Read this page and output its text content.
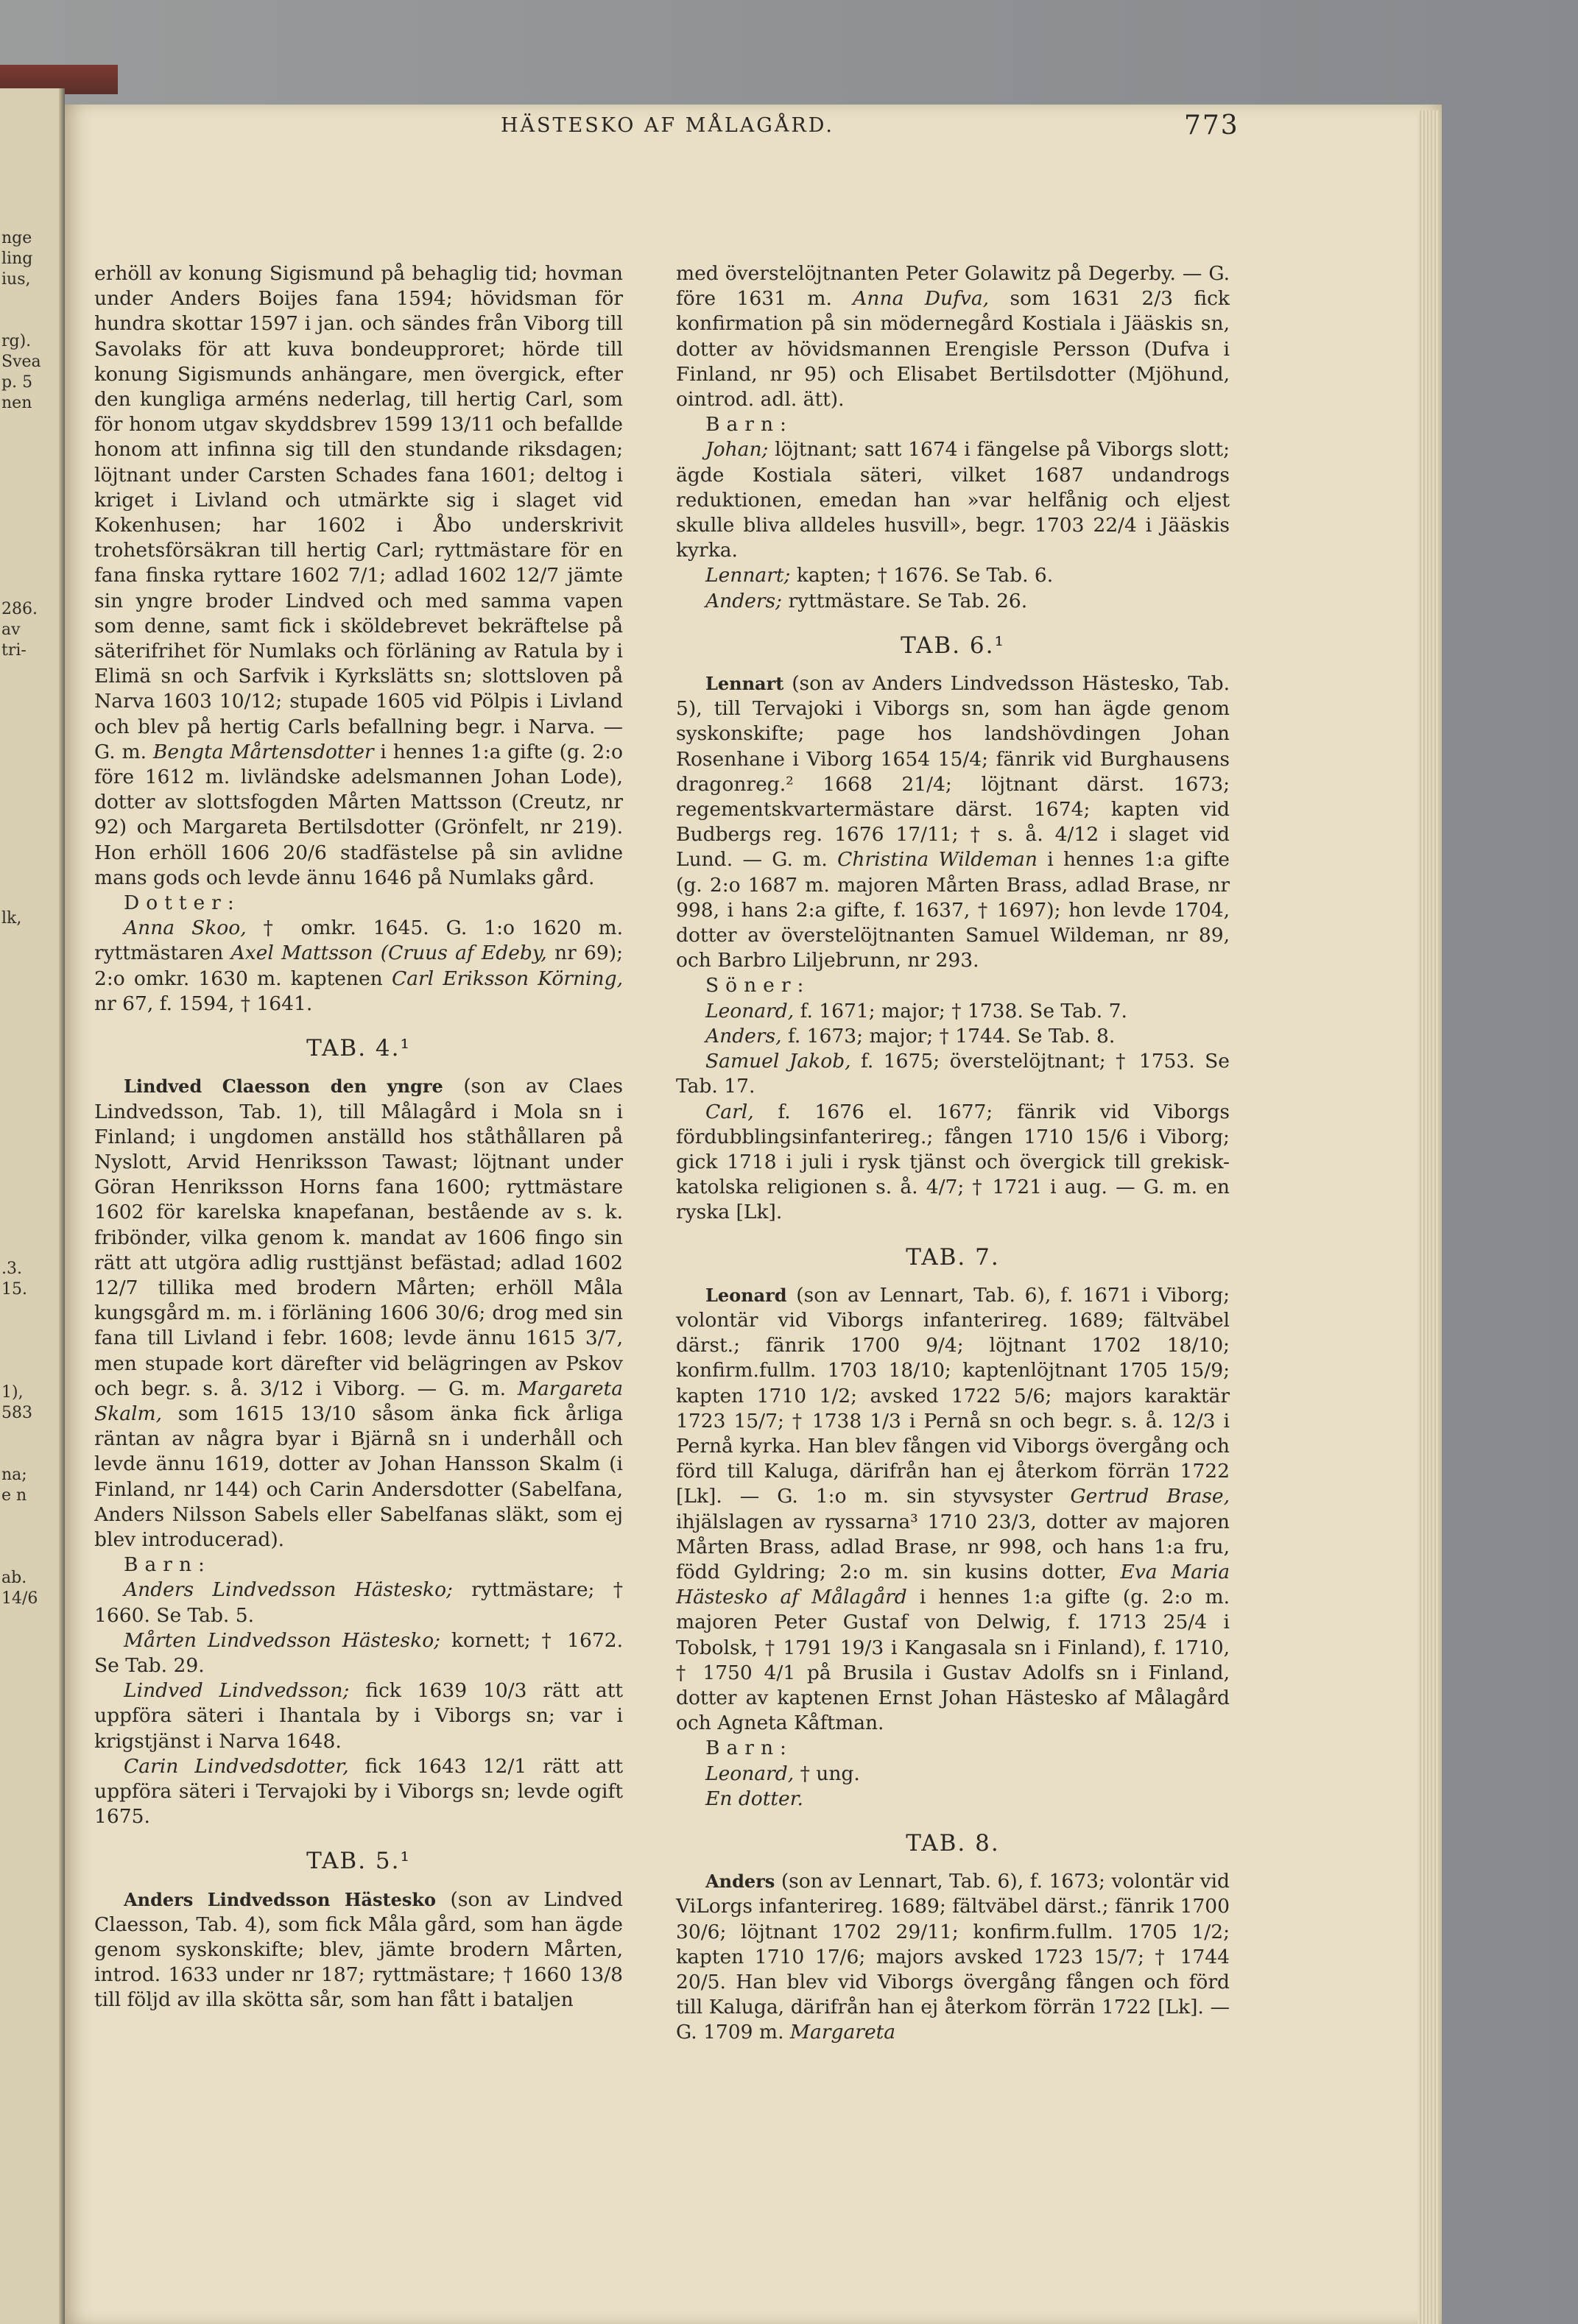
nge
ling
ius,

rg).
Svea
p. 5
nen

286.
av
tri-

lk,

.3.
15.

1),
583

na;
e n

ab.
14/6
HÄSTESKO AF MÅLAGÅRD.	773

erhöll av konung Sigismund på behaglig tid; hovman under Anders Boijes fana 1594; hövidsman för hundra skottar 1597 i jan. och sändes från Viborg till Savolaks för att kuva bondeupproret; hörde till konung Sigismunds anhängare, men övergick, efter den kungliga arméns nederlag, till hertig Carl, som för honom utgav skyddsbrev 1599 13/11 och befallde honom att infinna sig till den stundande riksdagen; löjtnant under Carsten Schades fana 1601; deltog i kriget i Livland och utmärkte sig i slaget vid Kokenhusen; har 1602 i Åbo underskrivit trohetsförsäkran till hertig Carl; ryttmästare för en fana finska ryttare 1602 7/1; adlad 1602 12/7 jämte sin yngre broder Lindved och med samma vapen som denne, samt fick i sköldebrevet bekräftelse på säterifrihet för Numlaks och förläning av Ratula by i Elimä sn och Sarfvik i Kyrkslätts sn; slottsloven på Narva 1603 10/12; stupade 1605 vid Pölpis i Livland och blev på hertig Carls befallning begr. i Narva. — G. m. Bengta Mårtensdotter i hennes 1:a gifte (g. 2:o före 1612 m. livländske adelsmannen Johan Lode), dotter av slottsfogden Mårten Mattsson (Creutz, nr 92) och Margareta Bertilsdotter (Grönfelt, nr 219). Hon erhöll 1606 20/6 stadfästelse på sin avlidne mans gods och levde ännu 1646 på Numlaks gård.

Dotter:

Anna Skoo, † omkr. 1645. G. 1:o 1620 m. ryttmästaren Axel Mattsson (Cruus af Edeby, nr 69); 2:o omkr. 1630 m. kaptenen Carl Eriksson Körning, nr 67, f. 1594, † 1641.

TAB. 4.¹

Lindved Claesson den yngre (son av Claes Lindvedsson, Tab. 1), till Målagård i Mola sn i Finland; i ungdomen anställd hos ståthållaren på Nyslott, Arvid Henriksson Tawast; löjtnant under Göran Henriksson Horns fana 1600; ryttmästare 1602 för karelska knapefanan, bestående av s. k. fribönder, vilka genom k. mandat av 1606 fingo sin rätt att utgöra adlig rusttjänst befästad; adlad 1602 12/7 tillika med brodern Mårten; erhöll Måla kungsgård m. m. i förläning 1606 30/6; drog med sin fana till Livland i febr. 1608; levde ännu 1615 3/7, men stupade kort därefter vid belägringen av Pskov och begr. s. å. 3/12 i Viborg. — G. m. Margareta Skalm, som 1615 13/10 såsom änka fick årliga räntan av några byar i Bjärnå sn i underhåll och levde ännu 1619, dotter av Johan Hansson Skalm (i Finland, nr 144) och Carin Andersdotter (Sabelfana, Anders Nilsson Sabels eller Sabelfanas släkt, som ej blev introducerad).

Barn:

Anders Lindvedsson Hästesko; ryttmästare; † 1660. Se Tab. 5.

Mårten Lindvedsson Hästesko; kornett; † 1672. Se Tab. 29.

Lindved Lindvedsson; fick 1639 10/3 rätt att uppföra säteri i Ihantala by i Viborgs sn; var i krigstjänst i Narva 1648.

Carin Lindvedsdotter, fick 1643 12/1 rätt att uppföra säteri i Tervajoki by i Viborgs sn; levde ogift 1675.

TAB. 5.¹

Anders Lindvedsson Hästesko (son av Lindved Claesson, Tab. 4), som fick Måla gård, som han ägde genom syskonskifte; blev, jämte brodern Mårten, introd. 1633 under nr 187; ryttmästare; † 1660 13/8 till följd av illa skötta sår, som han fått i bataljen

med överstelöjtnanten Peter Golawitz på Degerby. — G. före 1631 m. Anna Dufva, som 1631 2/3 fick konfirmation på sin mödernegård Kostiala i Jääskis sn, dotter av hövidsmannen Erengisle Persson (Dufva i Finland, nr 95) och Elisabet Bertilsdotter (Mjöhund, ointrod. adl. ätt).

Barn:

Johan; löjtnant; satt 1674 i fängelse på Viborgs slott; ägde Kostiala säteri, vilket 1687 undandrogs reduktionen, emedan han »var helfånig och eljest skulle bliva alldeles husvill», begr. 1703 22/4 i Jääskis kyrka.

Lennart; kapten; † 1676. Se Tab. 6.

Anders; ryttmästare. Se Tab. 26.

TAB. 6.¹

Lennart (son av Anders Lindvedsson Hästesko, Tab. 5), till Tervajoki i Viborgs sn, som han ägde genom syskonskifte; page hos landshövdingen Johan Rosenhane i Viborg 1654 15/4; fänrik vid Burghausens dragonreg.² 1668 21/4; löjtnant därst. 1673; regementskvartermästare därst. 1674; kapten vid Budbergs reg. 1676 17/11; † s. å. 4/12 i slaget vid Lund. — G. m. Christina Wildeman i hennes 1:a gifte (g. 2:o 1687 m. majoren Mårten Brass, adlad Brase, nr 998, i hans 2:a gifte, f. 1637, † 1697); hon levde 1704, dotter av överstelöjtnanten Samuel Wildeman, nr 89, och Barbro Liljebrunn, nr 293.

Söner:

Leonard, f. 1671; major; † 1738. Se Tab. 7.

Anders, f. 1673; major; † 1744. Se Tab. 8.

Samuel Jakob, f. 1675; överstelöjtnant; † 1753. Se Tab. 17.

Carl, f. 1676 el. 1677; fänrik vid Viborgs fördubblingsinfanterireg.; fången 1710 15/6 i Viborg; gick 1718 i juli i rysk tjänst och övergick till grekisk-katolska religionen s. å. 4/7; † 1721 i aug. — G. m. en ryska [Lk].

TAB. 7.

Leonard (son av Lennart, Tab. 6), f. 1671 i Viborg; volontär vid Viborgs infanterireg. 1689; fältväbel därst.; fänrik 1700 9/4; löjtnant 1702 18/10; konfirm.fullm. 1703 18/10; kaptenlöjtnant 1705 15/9; kapten 1710 1/2; avsked 1722 5/6; majors karaktär 1723 15/7; † 1738 1/3 i Pernå sn och begr. s. å. 12/3 i Pernå kyrka. Han blev fången vid Viborgs övergång och förd till Kaluga, därifrån han ej återkom förrän 1722 [Lk]. — G. 1:o m. sin styvsyster Gertrud Brase, ihjälslagen av ryssarna³ 1710 23/3, dotter av majoren Mårten Brass, adlad Brase, nr 998, och hans 1:a fru, född Gyldring; 2:o m. sin kusins dotter, Eva Maria Hästesko af Målagård i hennes 1:a gifte (g. 2:o m. majoren Peter Gustaf von Delwig, f. 1713 25/4 i Tobolsk, † 1791 19/3 i Kangasala sn i Finland), f. 1710, † 1750 4/1 på Brusila i Gustav Adolfs sn i Finland, dotter av kaptenen Ernst Johan Hästesko af Målagård och Agneta Kåftman.

Barn:

Leonard, † ung.

En dotter.

TAB. 8.

Anders (son av Lennart, Tab. 6), f. 1673; volontär vid ViLorgs infanterireg. 1689; fältväbel därst.; fänrik 1700 30/6; löjtnant 1702 29/11; konfirm.fullm. 1705 1/2; kapten 1710 17/6; majors avsked 1723 15/7; † 1744 20/5. Han blev vid Viborgs övergång fången och förd till Kaluga, därifrån han ej återkom förrän 1722 [Lk]. — G. 1709 m. Margareta
